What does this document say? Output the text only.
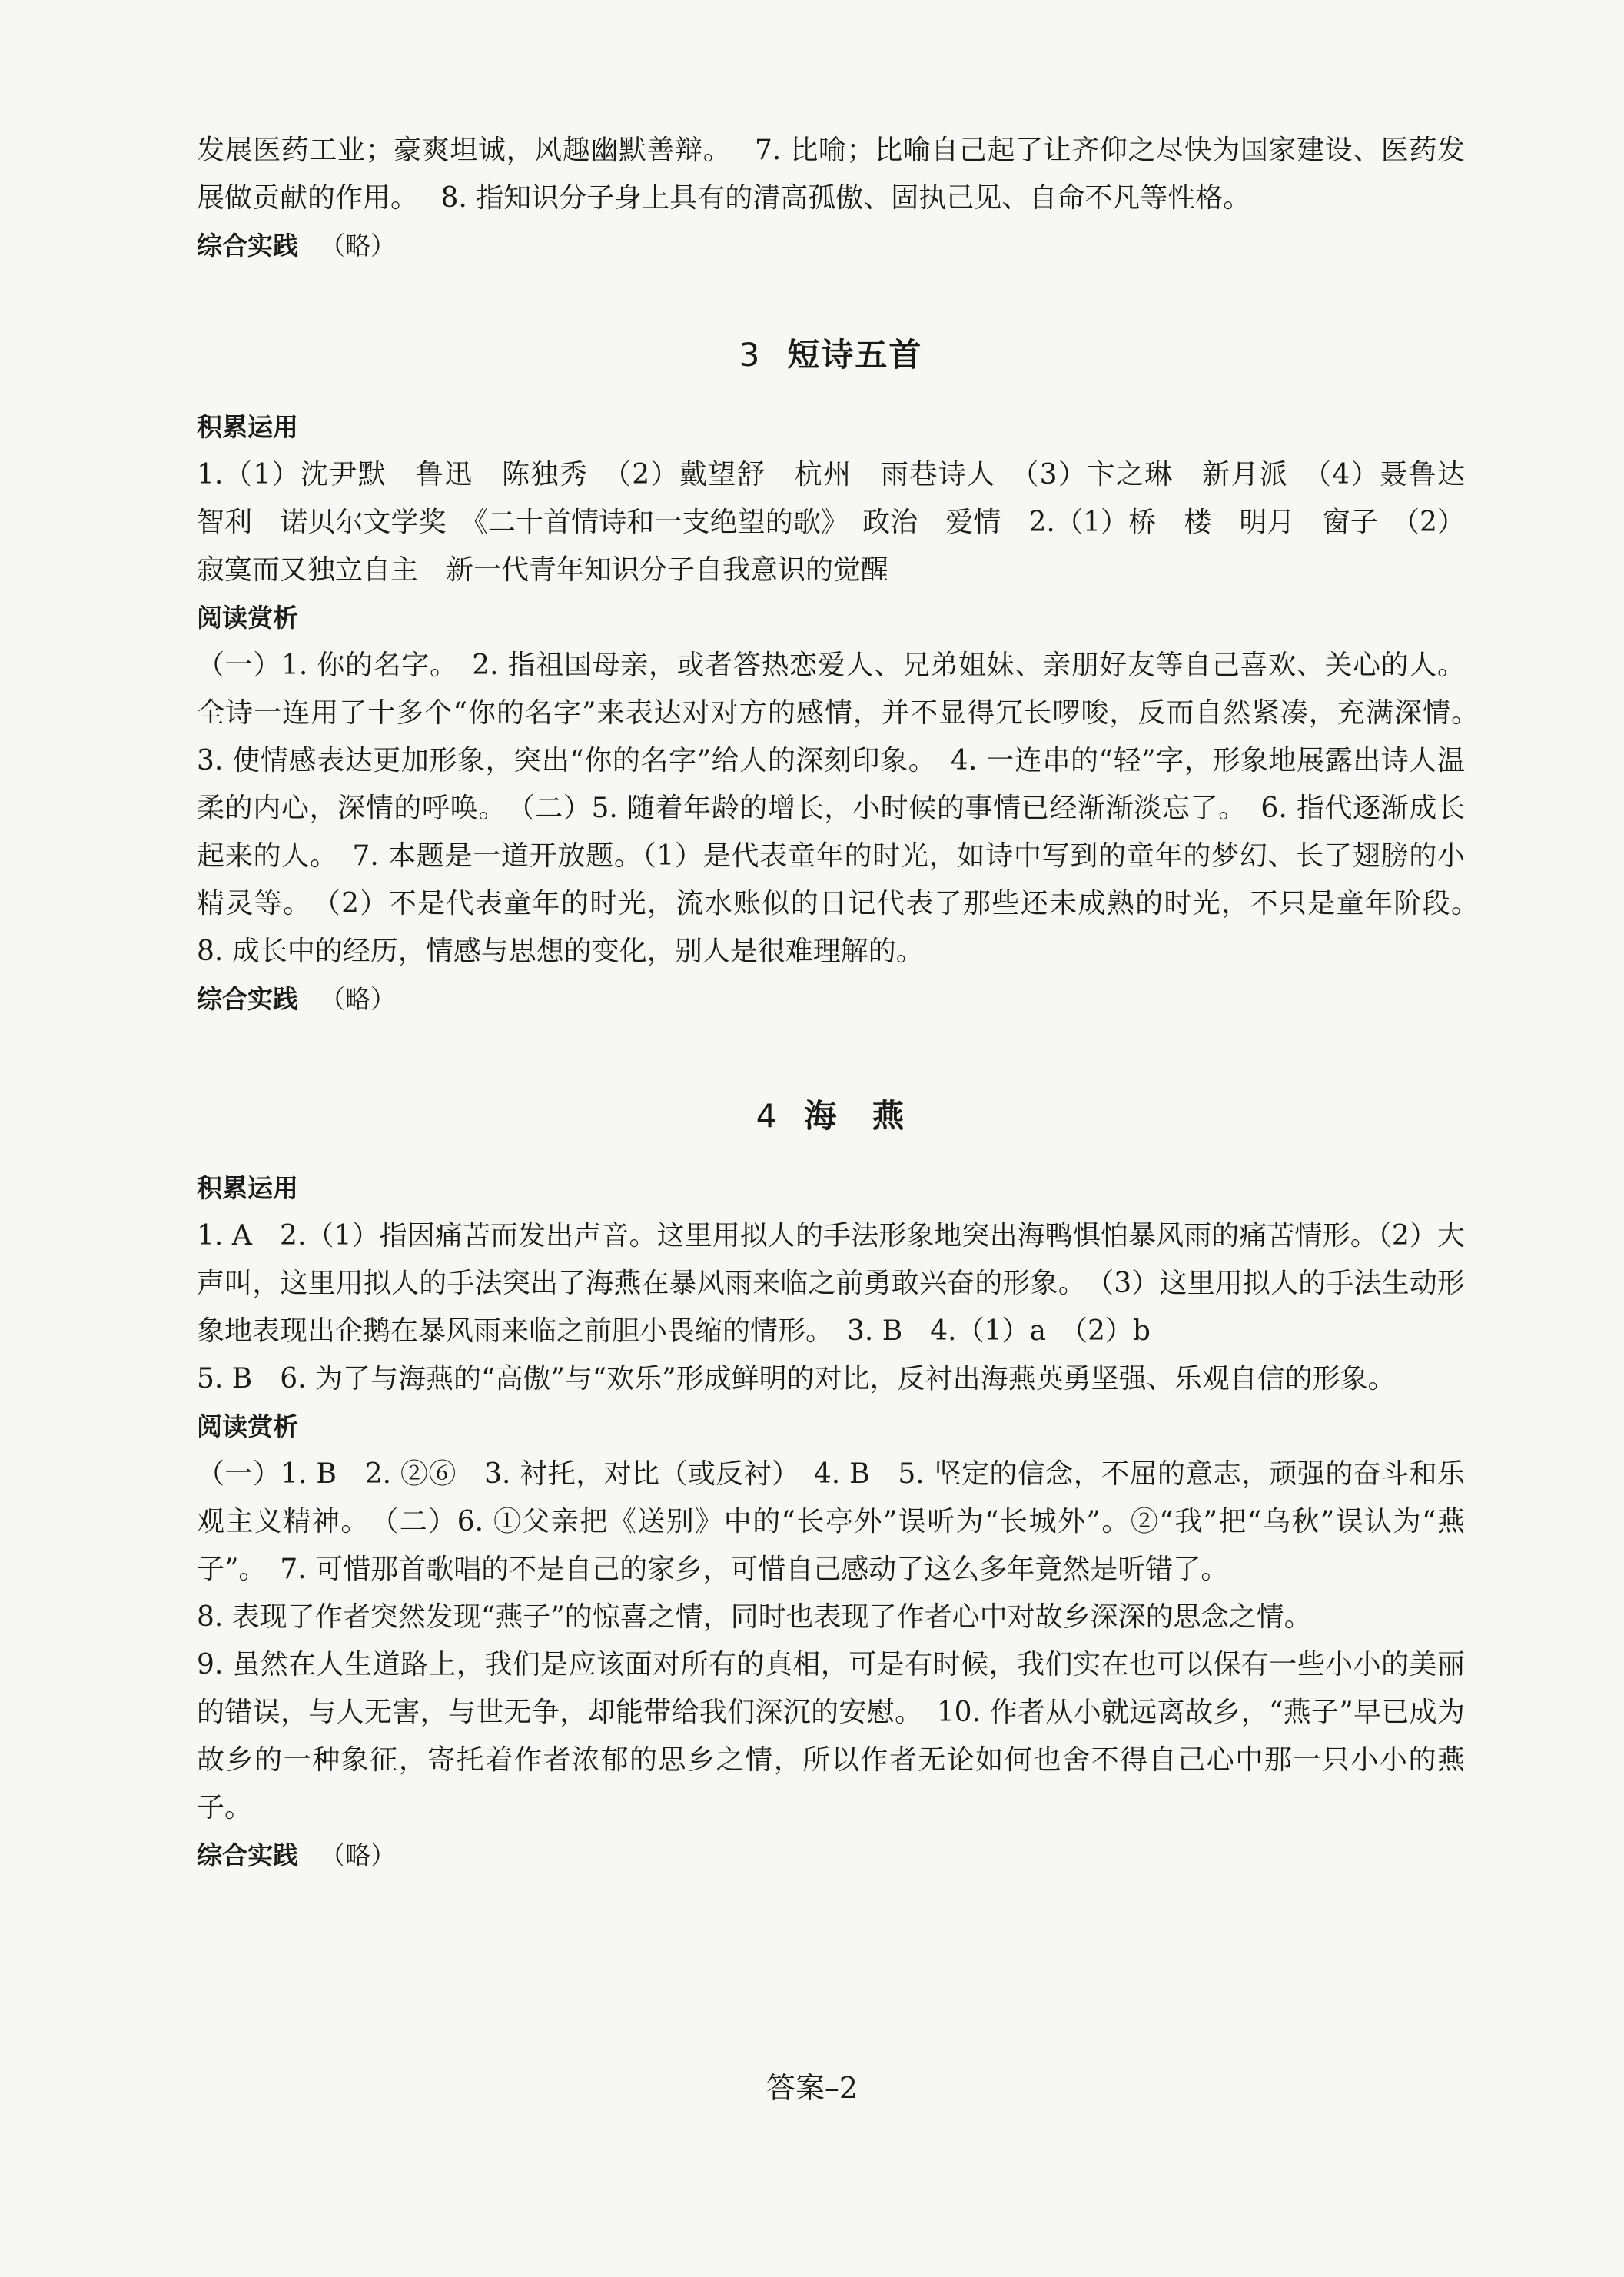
发展医药工业；豪爽坦诚，风趣幽默善辩。　 7. 比喻；比喻自己起了让齐仰之尽快为国家建设、医药发展做贡献的作用。　 8. 指知识分子身上具有的清高孤傲、固执己见、自命不凡等性格。

综合实践 （略）

3 短诗五首

积累运用

1.（1）沈尹默　鲁迅　陈独秀　（2）戴望舒　杭州　雨巷诗人　（3）卞之琳　新月派　（4）聂鲁达　智利　诺贝尔文学奖　《二十首情诗和一支绝望的歌》　政治　爱情　2.（1）桥　楼　明月　窗子　（2）寂寞而又独立自主　新一代青年知识分子自我意识的觉醒

阅读赏析

（一）1. 你的名字。　2. 指祖国母亲，或者答热恋爱人、兄弟姐妹、亲朋好友等自己喜欢、关心的人。全诗一连用了十多个“你的名字”来表达对对方的感情，并不显得冗长啰唆，反而自然紧凑，充满深情。　3. 使情感表达更加形象，突出“你的名字”给人的深刻印象。　4. 一连串的“轻”字，形象地展露出诗人温柔的内心，深情的呼唤。　（二）5. 随着年龄的增长，小时候的事情已经渐渐淡忘了。　6. 指代逐渐成长起来的人。　7. 本题是一道开放题。（1）是代表童年的时光，如诗中写到的童年的梦幻、长了翅膀的小精灵等。　（2）不是代表童年的时光，流水账似的日记代表了那些还未成熟的时光，不只是童年阶段。　8. 成长中的经历，情感与思想的变化，别人是很难理解的。

综合实践 （略）

4 海　燕

积累运用

1. A　2.（1）指因痛苦而发出声音。这里用拟人的手法形象地突出海鸭惧怕暴风雨的痛苦情形。（2）大声叫，这里用拟人的手法突出了海燕在暴风雨来临之前勇敢兴奋的形象。　（3）这里用拟人的手法生动形象地表现出企鹅在暴风雨来临之前胆小畏缩的情形。　3. B　4.（1）a　（2）b

5. B　6. 为了与海燕的“高傲”与“欢乐”形成鲜明的对比，反衬出海燕英勇坚强、乐观自信的形象。

阅读赏析

（一）1. B　2. ②⑥　3. 衬托，对比（或反衬）　4. B　5. 坚定的信念，不屈的意志，顽强的奋斗和乐观主义精神。　（二）6. ①父亲把《送别》中的“长亭外”误听为“长城外”。②“我”把“乌秋”误认为“燕子”。　7. 可惜那首歌唱的不是自己的家乡，可惜自己感动了这么多年竟然是听错了。

8. 表现了作者突然发现“燕子”的惊喜之情，同时也表现了作者心中对故乡深深的思念之情。

9. 虽然在人生道路上，我们是应该面对所有的真相，可是有时候，我们实在也可以保有一些小小的美丽的错误，与人无害，与世无争，却能带给我们深沉的安慰。　10. 作者从小就远离故乡，“燕子”早已成为故乡的一种象征，寄托着作者浓郁的思乡之情，所以作者无论如何也舍不得自己心中那一只小小的燕子。

综合实践 （略）

答案–2
